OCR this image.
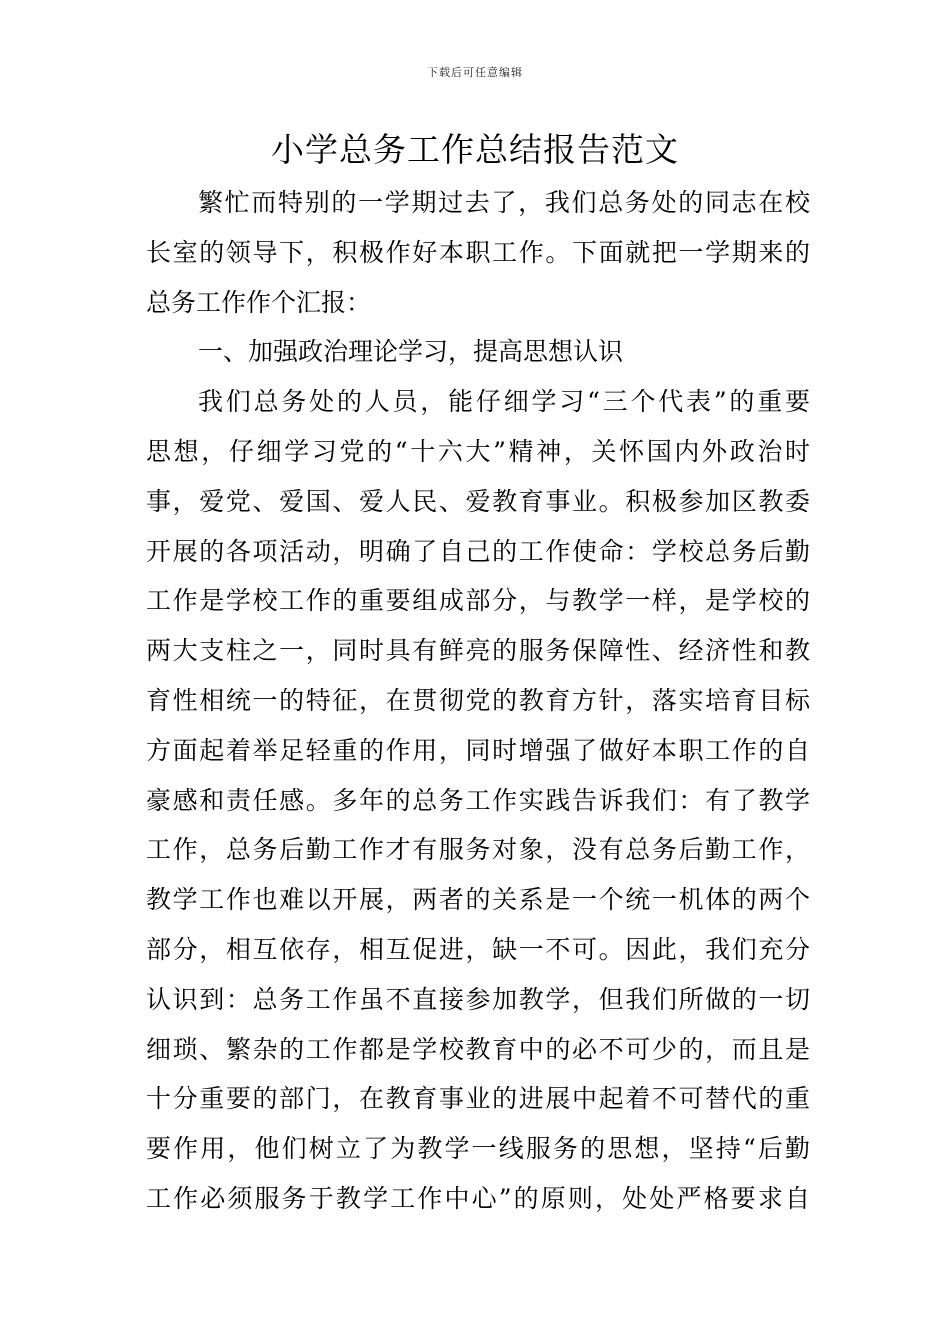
下载后可任意编辑
小学总务工作总结报告范文
繁忙而特别的一学期过去了，我们总务处的同志在校
长室的领导下，积极作好本职工作。下面就把一学期来的
总务工作作个汇报：
一、加强政治理论学习，提高思想认识
我们总务处的人员，能仔细学习“三个代表”的重要
思想，仔细学习党的“十六大”精神，关怀国内外政治时
事，爱党、爱国、爱人民、爱教育事业。积极参加区教委
开展的各项活动，明确了自己的工作使命：学校总务后勤
工作是学校工作的重要组成部分，与教学一样，是学校的
两大支柱之一，同时具有鲜亮的服务保障性、经济性和教
育性相统一的特征，在贯彻党的教育方针，落实培育目标
方面起着举足轻重的作用，同时增强了做好本职工作的自
豪感和责任感。多年的总务工作实践告诉我们：有了教学
工作，总务后勤工作才有服务对象，没有总务后勤工作，
教学工作也难以开展，两者的关系是一个统一机体的两个
部分，相互依存，相互促进，缺一不可。因此，我们充分
认识到：总务工作虽不直接参加教学，但我们所做的一切
细琐、繁杂的工作都是学校教育中的必不可少的，而且是
十分重要的部门，在教育事业的进展中起着不可替代的重
要作用，他们树立了为教学一线服务的思想，坚持“后勤
工作必须服务于教学工作中心”的原则，处处严格要求自
